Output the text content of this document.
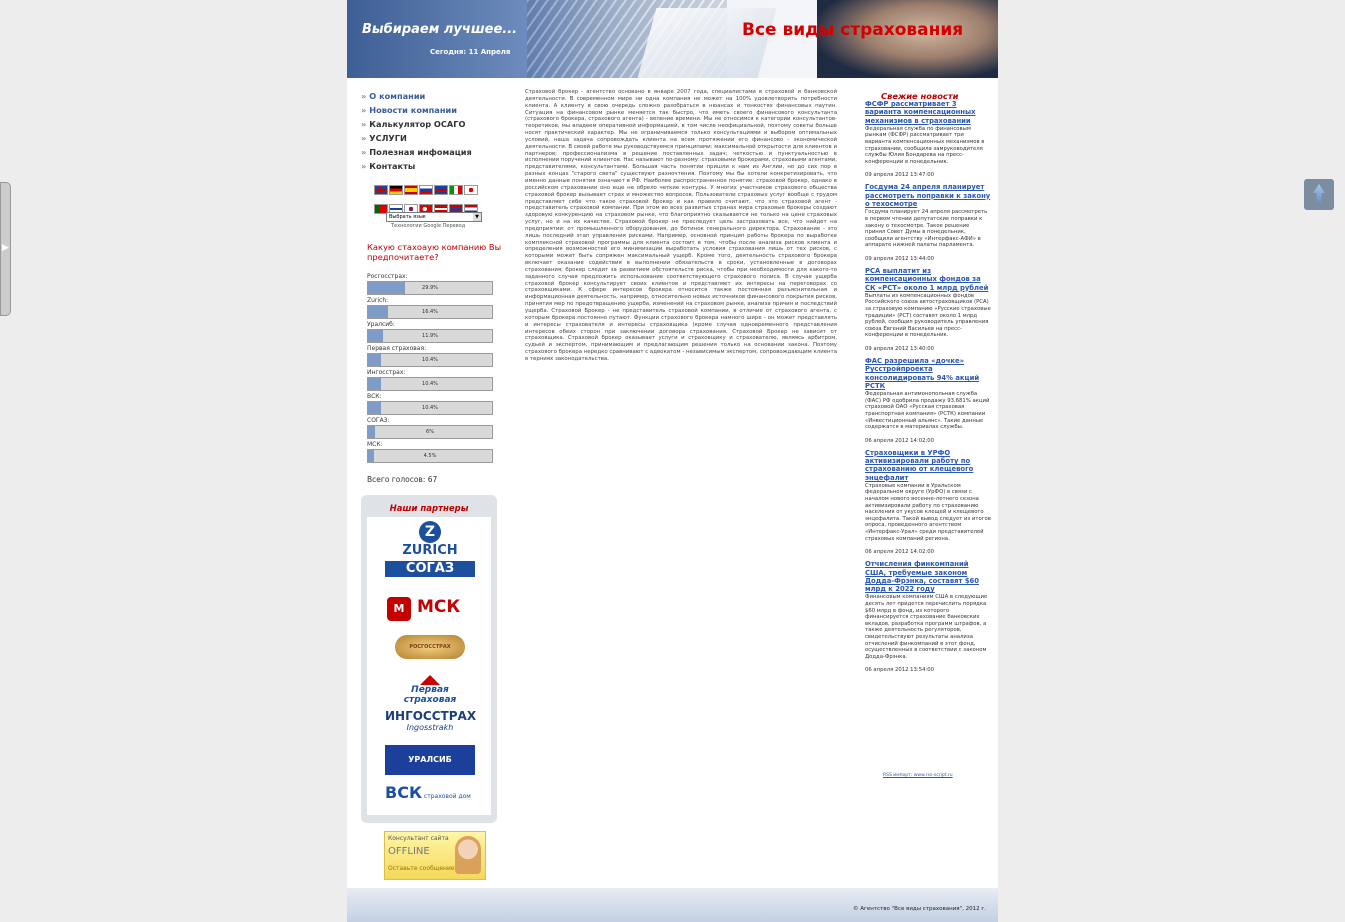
▶
Выбираем лучшее...
Сегодня: 11 Апреля
Все виды страхования
» О компании
» Новости компании
» Калькулятор ОСАГО
» УСЛУГИ
» Полезная инфомация
» Контакты

Выбрать язык	▼
Технологии Google Перевод
Какую стахоаую компанию Вы предпочитаете?
Росгосстрах:
29.9%
Zurich:
16.4%
Уралсиб:
11.9%
Первая страховая:
10.4%
Ингосстрах:
10.4%
ВСК:
10.4%
СОГАЗ:
6%
МСК:
4.5%
Всего голосов: 67
Наши партнеры
Z
ZURICH
СОГАЗ
M МСК
РОСГОССТРАХ
Первая страховая
ИНГОССТРАХ
Ingosstrakh
УРАЛСИБ
ВСК страховой дом
Консультант сайта
OFFLINE
Оставьте сообщение
Страховой брокер - агентство основано в январе 2007 года, специалистами в страховой и банковской деятельности. В современном мире ни одна компания не может на 100% удовлетворить потребности клиента. А клиенту в свою очередь сложно разобраться в нюансах и тонкостях финансовых паутин. Ситуация на финансовом рынке меняется так быстро, что иметь своего финансового консультанта (страхового брокера, страхового агента) - веление времени. Мы не относимся к категории консультантов-теоретиков, мы владеем оперативной информацией, в том числе неофициальной, поэтому советы больше носят практический характер. Мы не ограничиваемся только консультациями и выбором оптимальных условий, наша задача сопровождать клиента на всем протяжении его финансово - экономической деятельности. В своей работе мы руководствуемся принципами: максимальной открытости для клиентов и партнеров; профессионализма в решение поставленных задач; четкостью и пунктуальностью в исполнении поручений клиентов. Нас называют по-разному: страховыми брокерами, страховыми агентами, представителями, консультантами. Большая часть понятии пришли к нам из Англии, но до сих пор в разных концах "старого света" существуют разночтения. Поэтому мы бы хотели конкретизировать, что именно данные понятия означают в РФ. Наиболее распространенное понятие: страховой брокер, однако в российском страховании оно еще не обрело четкие контуры. У многих участников страхового общества страховой брокер вызывает страх и множество вопросов. Пользователи страховых услуг вообще с трудом представляет себе что такое страховой брокер и как правило считают, что это страховой агент - представитель страховой компании. При этом во всех развитых странах мира страховые брокеры создают здоровую конкуренцию на страховом рынке, что благоприятно сказывается не только на цене страховых услуг, но и на их качестве. Страховой брокер не преследует цель застраховать все, что найдет на предприятии: от промышленного оборудования, до ботинок генерального директора. Страхование - это лишь последний этап управления рисками. Например, основной принцип работы брокера по выработке комплексной страховой программы для клиента состоит в том, чтобы после анализа рисков клиента и определения возможностей его минимизации выработать условия страхования лишь от тех рисков, с которыми может быть сопряжен максимальный ущерб. Кроме того, деятельность страхового брокера включает оказание содействия в выполнении обязательств в сроки, установленные в договорах страхования; брокер следит за развитием обстоятельств риска, чтобы при необходимости для какого-то заданного случая предложить использование соответствующего страхового полиса. В случае ущерба страховой брокер консультирует своих клиентов и представляет их интересы на переговорах со страховщиками. К сфере интересов брокера относится также постоянная разъяснительная и информационная деятельность, например, относительно новых источников финансового покрытия рисков, принятия мер по предотвращению ущерба, изменений на страховом рынке, анализа причин и последствий ущерба. Страховой Брокер - не представитель страховой компании, в отличие от страхового агента, с которым брокера постоянно путают. Функции страхового брокера намного шире - он может представлять и интересы страхователя и интересы страховщика (кроме случая одновременного представления интересов обеих сторон при заключении договора страхования. Страховой Брокер не зависит от страховщика. Страховой брокер оказывает услуги и страховщику и страхователю, являясь арбитром, судьей и экспертом, принимающим и предлагающим решения только на основании закона. Поэтому страхового брокера нередко сравнивают с адвокатом - независимым экспертом, сопровождающим клиента в терниях законодательства.
Свежие новости
ФСФР рассматривает 3 варианта компенсационных механизмов в страховании
Федеральная служба по финансовым рынкам (ФСФР) рассматривает три варианта компенсационных механизмов в страховании, сообщила замруководителя службы Юлия Бондарева на пресс-конференции в понедельник.
09 апреля 2012 13:47:00
Госдума 24 апреля планирует рассмотреть поправки к закону о техосмотре
Госдума планирует 24 апреля рассмотреть в первом чтении депутатские поправки к закону о техосмотре. Такое решение принял Совет Думы в понедельник, сообщили агентству «Интерфакс-АФИ» в аппарате нижней палаты парламента.
09 апреля 2012 13:44:00
РСА выплатит из компенсационных фондов за СК «РСТ» около 1 млрд рублей
Выплаты из компенсационных фондов Российского союза автостраховщиков (РСА) за страховую компанию «Русские страховые традиции» (РСТ) составят около 1 млрд рублей, сообщил руководитель управления союза Евгений Васильев на пресс-конференции в понедельник.
09 апреля 2012 13:40:00
ФАС разрешила «дочке» Русстройпроекта консолидировать 94% акций РСТК
Федеральная антимонопольная служба (ФАС) РФ одобрила продажу 93,681% акций страховой ОАО «Русская страховая транспортная компания» (РСТК) компании «Инвестиционный альянс». Такие данные содержатся в материалах службы.
06 апреля 2012 14:02:00
Страховщики в УРФО активизировали работу по страхованию от клещевого энцефалит
Страховые компании в Уральском федеральном округе (УрФО) в связи с началом нового весенне-летнего сезона активизировали работу по страхованию населения от укусов клещей и клещевого энцефалита. Такой вывод следует из итогов опроса, проведенного агентством «Интерфакс-Урал» среди представителей страховых компаний региона.
06 апреля 2012 14:02:00
Отчисления финкомпаний США, требуемые законом Додда-Фрэнка, составят $60 млрд к 2022 году
Финансовым компаниям США в следующие десять лет придется перечислить порядка $60 млрд в фонд, из которого финансируется страхование банковских вкладов, разработка программ штрафов, а также деятельность регуляторов, свидетельствуют результаты анализа отчислений финкомпаний в этот фонд, осуществленных в соответствии с законом Додда-Фрэнка.
06 апреля 2012 13:54:00
RSS импорт: www.rss-script.ru
© Агентство "Все виды страхования", 2012 г.
